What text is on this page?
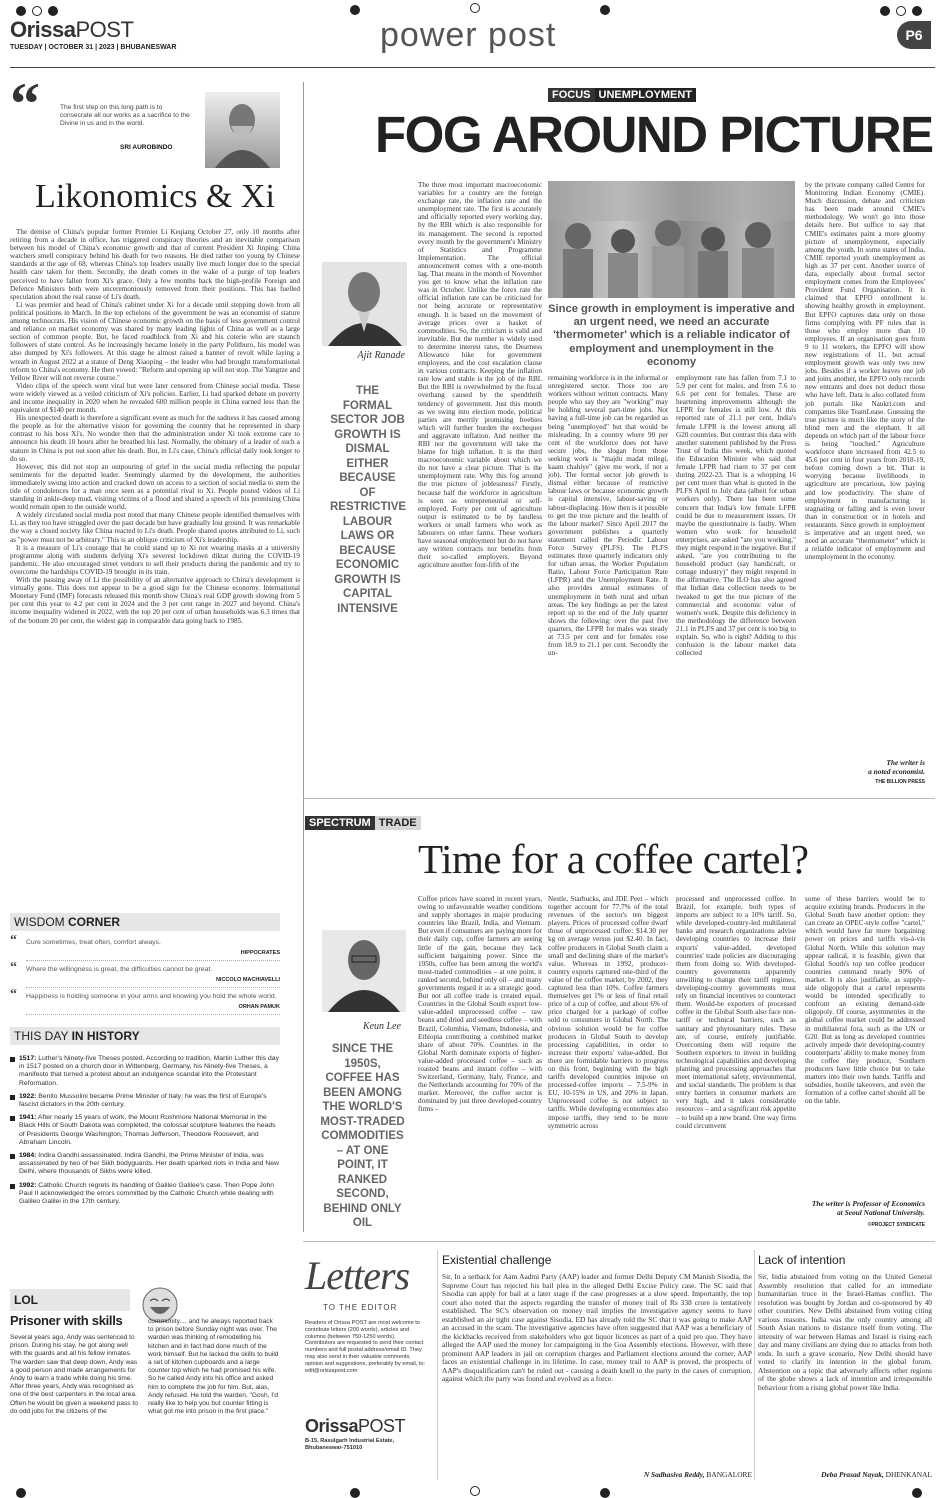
OrissaPOST
TUESDAY | OCTOBER 31 | 2023 | BHUBANESWAR	power post	P6
“	The first step on this long path is to consecrate all our works as a sacrifice to the Divine in us and in the world.
SRI AUROBINDO
Likonomics & Xi

The demise of China's popular former Premier Li Keqiang October 27, only 10 months after retiring from a decade in office, has triggered conspiracy theories and an inevitable comparison between his model of China's economic growth and that of current President Xi Jinping. China watchers smell conspiracy behind his death for two reasons. He died rather too young by Chinese standards at the age of 68, whereas China's top leaders usually live much longer due to the special health care taken for them. Secondly, the death comes in the wake of a purge of top leaders perceived to have fallen from Xi's grace. Only a few months back the high-profile Foreign and Defence Ministers both were unceremoniously removed from their positions. This has fuelled speculation about the real cause of Li's death.

Li was premier and head of China's cabinet under Xi for a decade until stepping down from all political positions in March. In the top echelons of the government he was an economist of stature among technocrats. His vision of Chinese economic growth on the basis of less government control and reliance on market economy was shared by many leading lights of China as well as a large section of common people. But, he faced roadblock from Xi and his coterie who are staunch followers of state control. As he increasingly became lonely in the party Politburo, his model was also dumped by Xi's followers. At this stage he almost raised a banner of revolt while laying a wreath in August 2022 at a statue of Deng Xiaoping – the leader who had brought transformational reform to China's economy. He then vowed: "Reform and opening up will not stop. The Yangtze and Yellow River will not reverse course."

Video clips of the speech went viral but were later censored from Chinese social media. These were widely viewed as a veiled criticism of Xi's policies. Earlier, Li had sparked debate on poverty and income inequality in 2020 when he revealed 600 million people in China earned less than the equivalent of $140 per month.

His unexpected death is therefore a significant event as much for the sadness it has caused among the people as for the alternative vision for governing the country that he represented in sharp contrast to his boss Xi's. No wonder then that the administration under Xi took extreme care to announce his death 10 hours after he breathed his last. Normally, the obituary of a leader of such a stature in China is put out soon after his death. But, in Li's case, China's official daily took longer to do so.

However, this did not stop an outpouring of grief in the social media reflecting the popular sentiments for the departed leader. Seemingly alarmed by the development, the authorities immediately swung into action and cracked down on access to a section of social media to stem the tide of condolences for a man once seen as a potential rival to Xi. People posted videos of Li standing in ankle-deep mud, visiting victims of a flood and shared a speech of his promising China would remain open to the outside world.

A widely circulated social media post noted that many Chinese people identified themselves with Li, as they too have struggled over the past decade but have gradually lost ground. It was remarkable the way a closed society like China reacted to Li's death. People shared quotes attributed to Li, such as "power must not be arbitrary." This is an oblique criticism of Xi's leadership.

It is a measure of Li's courage that he could stand up to Xi not wearing masks at a university programme along with students defying Xi's severest lockdown diktat during the COVID-19 pandemic. He also encouraged street vendors to sell their products during the pandemic and try to overcome the hardships COVID-19 brought in its train.

With the passing away of Li the possibility of an alternative approach to China's development is virtually gone. This does not appear to be a good sign for the Chinese economy. International Monetary Fund (IMF) forecasts released this month show China's real GDP growth slowing from 5 per cent this year to 4.2 per cent in 2024 and the 3 per cent range in 2027 and beyond. China's income inequality widened in 2022, with the top 20 per cent of urban households was 6.3 times that of the bottom 20 per cent, the widest gap in comparable data going back to 1985.

WISDOM CORNER
“ Cure sometimes, treat often, comfort always.
HIPPOCRATES
“ Where the willingness is great, the difficulties cannot be great.
NICCOLO MACHIAVELLI
“ Happiness is holding someone in your arms and knowing you hold the whole world.
ORHAN PAMUK
THIS DAY IN HISTORY
1517: Luther's Ninety-five Theses posted. According to tradition, Martin Luther this day in 1517 posted on a church door in Wittenberg, Germany, his Ninety-five Theses, a manifesto that turned a protest about an indulgence scandal into the Protestant Reformation.
1922: Benito Mussolini became Prime Minister of Italy; he was the first of Europe's fascist dictators in the 20th century.
1941: After nearly 15 years of work, the Mount Rushmore National Memorial in the Black Hills of South Dakota was completed; the colossal sculpture features the heads of Presidents George Washington, Thomas Jefferson, Theodore Roosevelt, and Abraham Lincoln.
1984: Indira Gandhi assassinated. Indira Gandhi, the Prime Minister of India, was assassinated by two of her Sikh bodyguards. Her death sparked riots in India and New Delhi, where thousands of Sikhs were killed.
1992: Catholic Church regrets its handling of Galileo Galilee's case. Then Pope John Paul II acknowledged the errors committed by the Catholic Church while dealing with Galileo Galilei in the 17th century.
LOL
Prisoner with skills
Several years ago, Andy was sentenced to prison. During his stay, he got along well with the guards and all his fellow inmates. The warden saw that deep down, Andy was a good person and made arrangements for Andy to learn a trade while doing his time. After three years, Andy was recognised as one of the best carpenters in the local area. Often he would be given a weekend pass to do odd jobs for the citizens of the
community.... and he always reported back to prison before Sunday night was over. The warden was thinking of remodelling his kitchen and in fact had done much of the work himself. But he lacked the skills to build a set of kitchen cupboards and a large counter top which he had promised his wife. So he called Andy into his office and asked him to complete the job for him. But, alas, Andy refused. He told the warden, "Gosh, I'd really like to help you but counter fitting is what got me into prison in the first place."
FOCUS UNEMPLOYMENT
FOG AROUND PICTURE
Ajit Ranade
THE FORMAL SECTOR JOB GROWTH IS DISMAL EITHER BECAUSE OF RESTRICTIVE LABOUR LAWS OR BECAUSE ECONOMIC GROWTH IS CAPITAL INTENSIVE
The three most important macroeconomic variables for a country are the foreign exchange rate, the inflation rate and the unemployment rate. The first is accurately and officially reported every working day, by the RBI which is also responsible for its management. The second is reported every month by the government's Ministry of Statistics and Programme Implementation. The official announcement comes with a one-month lag. That means in the month of November you get to know what the inflation rate was in October. Unlike the forex rate the official inflation rate can be criticised for not being accurate or representative enough. It is based on the movement of average prices over a basket of commodities. So, the criticism is valid and inevitable. But the number is widely used to determine interest rates, the Dearness Allowance hike for government employees, and the cost escalation clause in various contracts. Keeping the inflation rate low and stable is the job of the RBI. But the RBI is overwhelmed by the fiscal overhang caused by the spendthrift tendency of government. Just this month as we swing into election mode, political parties are merrily promising freebies which will further burden the exchequer and aggravate inflation. And neither the RBI nor the government will take the blame for high inflation. It is the third macroeconomic variable about which we do not have a clear picture. That is the unemployment rate. Why this fog around the true picture of joblessness? Firstly, because half the workforce in agriculture is seen as entrepreneurial or self-employed. Forty per cent of agriculture output is estimated to be by landless workers or small farmers who work as labourers on other farms. These workers have seasonal employment but do not have any written contracts nor benefits from their so-called employers. Beyond agriculture another four-fifth of the
Since growth in employment is imperative and an urgent need, we need an accurate 'thermometer' which is a reliable indicator of employment and unemployment in the economy
remaining workforce is in the informal or unregistered sector. Those too are workers without written contracts. Many people who say they are "working" may be holding several part-time jobs. Not having a full-time job can be regarded as being "unemployed" but that would be misleading. In a country where 90 per cent of the workforce does not have secure jobs, the slogan from those seeking work is "majdu madat milegi, kaam chahiye" (give me work, if not a job). The formal sector job growth is dismal either because of restrictive labour laws or because economic growth is capital intensive, labour-saving or labour-displacing. How then is it possible to get the true picture and the health of the labour market? Since April 2017 the government publishes a quarterly statement called the Periodic Labour Force Survey (PLFS). The PLFS estimates three quarterly indicators only for urban areas, the Worker Population Ratio, Labour Force Participation Rate (LFPR) and the Unemployment Rate. It also provides annual estimates of unemployment in both rural and urban areas. The key findings as per the latest report up to the end of the July quarter shows the following: over the past five quarters, the LFPR for males was steady at 73.5 per cent and for females rose from 18.9 to 21.1 per cent. Secondly the un-
employment rate has fallen from 7.1 to 5.9 per cent for males, and from 7.6 to 6.6 per cent for females. These are heartening improvements although the LFPR for females is still low. At this reported rate of 21.1 per cent, India's female LFPR is the lowest among all G20 countries. But contrast this data with another statement published by the Press Trust of India this week, which quoted the Education Minister who said that female LFPR had risen to 37 per cent during 2022-23. That is a whopping 16 per cent more than what is quoted in the PLFS April to July data (albeit for urban workers only). There has been some concern that India's low female LFPR could be due to measurement issues. Or maybe the questionnaire is faulty. When women who work for household enterprises, are asked "are you working," they might respond in the negative. But if asked, "are you contributing to the household product (say handicraft, or cottage industry)" they might respond in the affirmative. The ILO has also agreed that Indian data collection needs to be tweaked to get the true picture of the commercial and economic value of women's work. Despite this deficiency in the methodology the difference between 21.1 in PLFS and 37 per cent is too big to explain. So, who is right? Adding to this confusion is the labour market data collected
by the private company called Centre for Monitoring Indian Economy (CMIE). Much discussion, debate and criticism has been made around CMIE's methodology. We won't go into those details here. But suffice to say that CMIE's estimates paint a more gloomy picture of unemployment, especially among the youth. In some states of India, CMIE reported youth unemployment as high as 37 per cent. Another source of data, especially about formal sector employment comes from the Employees' Provident Fund Organisation. It is claimed that EPFO enrollment is showing healthy growth in employment. But EPFO captures data only on those firms complying with PF rules that is those who employ more than 10 employees. If an organisation goes from 9 to 11 workers, the EPFO will show new registrations of 11, but actual employment growth was only two new jobs. Besides if a worker leaves one job and joins another, the EPFO only records new entrants and does not deduct those who have left. Data is also collated from job portals like Naukri.com and companies like TeamLease. Guessing the true picture is much like the story of the blind men and the elephant. It all depends on which part of the labour force is being "touched." Agriculture workforce share increased from 42.5 to 45.6 per cent in four years from 2018-19, before coming down a bit. That is worrying because livelihoods in agriculture are precarious, low paying and low productivity. The share of employment in manufacturing is stagnating or falling and is even lower than in construction or in hotels and restaurants. Since growth in employment is imperative and an urgent need, we need an accurate "thermometer" which is a reliable indicator of employment and unemployment in the economy.
The writer is
a noted economist.
THE BILLION PRESS
SPECTRUM TRADE
Time for a coffee cartel?
Keun Lee
SINCE THE 1950S, COFFEE HAS BEEN AMONG THE WORLD'S MOST-TRADED COMMODITIES – AT ONE POINT, IT RANKED SECOND, BEHIND ONLY OIL
Coffee prices have soared in recent years, owing to unfavourable weather conditions and supply shortages in major producing countries like Brazil, India, and Vietnam. But even if consumers are paying more for their daily cup, coffee farmers are seeing little of the gain, because they lack sufficient bargaining power. Since the 1950s, coffee has been among the world's most-traded commodities – at one point, it ranked second, behind only oil – and many governments regard it as a strategic good. But not all coffee trade is created equal. Countries in the Global South export low-value-added unprocessed coffee – raw beans and dried and seedless coffee – with Brazil, Columbia, Vietnam, Indonesia, and Ethiopia contributing a combined market share of about 70%. Countries in the Global North dominate exports of higher-value-added processed coffee – such as roasted beans and instant coffee – with Switzerland, Germany, Italy, France, and the Netherlands accounting for 70% of the market. Moreover, the coffee sector is dominated by just three developed-country firms –
Nestle, Starbucks, and JDE Peet – which together account for 77.7% of the total revenues of the sector's ten biggest players. Prices of processed coffee dwarf those of unprocessed coffee: $14.30 per kg on average versus just $2.40. In fact, coffee producers in Global South claim a small and declining share of the market's value. Whereas in 1992, producer-country exports captured one-third of the value of the coffee market, by 2002, they captured less than 10%. Coffee farmers themselves get 1% or less of final retail price of a cup of coffee, and about 6% of price charged for a package of coffee sold to consumers in Global North. The obvious solution would be for coffee producers in Global South to develop processing capabilities, in order to increase their exports' value-added. But there are formidable barriers to progress on this front, beginning with the high tariffs developed countries impose on processed-coffee imports – 7.5-9% in EU, 10-15% in US, and 20% in Japan. Unprocessed coffee is not subject to tariffs. While developing economies also impose tariffs, they tend to be more symmetric across
processed and unprocessed coffee. In Brazil, for example, both types of imports are subject to a 10% tariff. So, while developed-country-led multilateral banks and research organizations advise developing countries to increase their exports' value-added, developed countries' trade policies are discouraging them from doing so. With developed-country governments apparently unwilling to change their tariff regimes, developing-country governments must rely on financial incentives to counteract them. Would-be exporters of processed coffee in the Global South also face non-tariff or technical barriers, such as sanitary and phytosanitary rules. These are, of course, entirely justifiable. Overcoming them will require the Southern exporters to invest in building technological capabilities and developing planting and processing approaches that meet international safety, environmental, and social standards. The problem is that entry barriers in consumer markets are very high, and it takes considerable resources – and a significant risk appetite – to build up a new brand. One way firms could circumvent
some of these barriers would be to acquire existing brands. Producers in the Global South have another option: they can create an OPEC-style coffee "cartel," which would have far more bargaining power on prices and tariffs vis-à-vis Global North. While this solution may appear radical, it is feasible, given that Global South's top ten coffee producer countries command nearly 90% of market. It is also justifiable, as supply-side oligopoly that a cartel represents would be intended specifically to confront an existing demand-side oligopoly. Of course, asymmetries in the global coffee market could be addressed in multilateral fora, such as the UN or G20. But as long as developed countries actively impede their developing-country counterparts' ability to make money from the coffee they produce, Southern producers have little choice but to take matters into their own hands. Tariffs and subsidies, hostile takeovers, and even the formation of a coffee cartel should all be on the table.
The writer is Professor of Economics at Seoul National University.
©PROJECT SYNDICATE
Letters
TO THE EDITOR
Readers of Orissa POST are most welcome to contribute letters (200 words), articles and columns (between 750-1250 words). Contributors are requested to send their contact numbers and full postal address/email ID. They may also send in their valuable comments, opinion and suggestions, preferably by email, to: edit@orissapost.com
OrissaPOST
B-15, Rasulgarh Industrial Estate, Bhubaneswar-751010
Existential challenge
Sir, In a setback for Aam Aadmi Party (AAP) leader and former Delhi Deputy CM Manish Sisodia, the Supreme Court has rejected his bail plea in the alleged Delhi Excise Policy case. The SC said that Sisodia can apply for bail at a later stage if the case progresses at a slow speed. Importantly, the top court also noted that the aspects regarding the transfer of money trail of Rs 338 crore is tentatively established. The SC's observation on money trail implies the investigative agency seems to have established an air tight case against Sisodia. ED has already told the SC that it was going to make AAP an accused in the scam. The investigative agencies have often suggested that AAP was a beneficiary of the kickbacks received from stakeholders who got liquor licences as part of a quid pro quo. They have alleged the AAP used the money for campaigning in the Goa Assembly elections. However, with three prominent AAP leaders in jail on corruption charges and Parliament elections around the corner, AAP faces an existential challenge in its lifetime. In case, money trail to AAP is proved, the prospects of AAP's disqualification can't be ruled out - causing a death knell to the party in the cases of corruption, against which the party was found and evolved as a force.
N Sadhasiva Reddy, BANGALORE
Lack of intention
Sir, India abstained from voting on the United General Assembly resolution that called for an immediate humanitarian truce in the Israel-Hamas conflict. The resolution was bought by Jordan and co-sponsored by 40 other countries. New Delhi abstained from voting citing various reasons. India was the only country among all South Asian nations to distance itself from voting. The intensity of war between Hamas and Israel is rising each day and many civilians are dying due to attacks from both ends. In such a grave scenario, New Delhi should have voted to clarify its intention in the global forum. Abstention on a topic that adversely affects other regions of the globe shows a lack of intention and irresponsible behaviour from a rising global power like India.
Deba Prasad Nayak, DHENKANAL
